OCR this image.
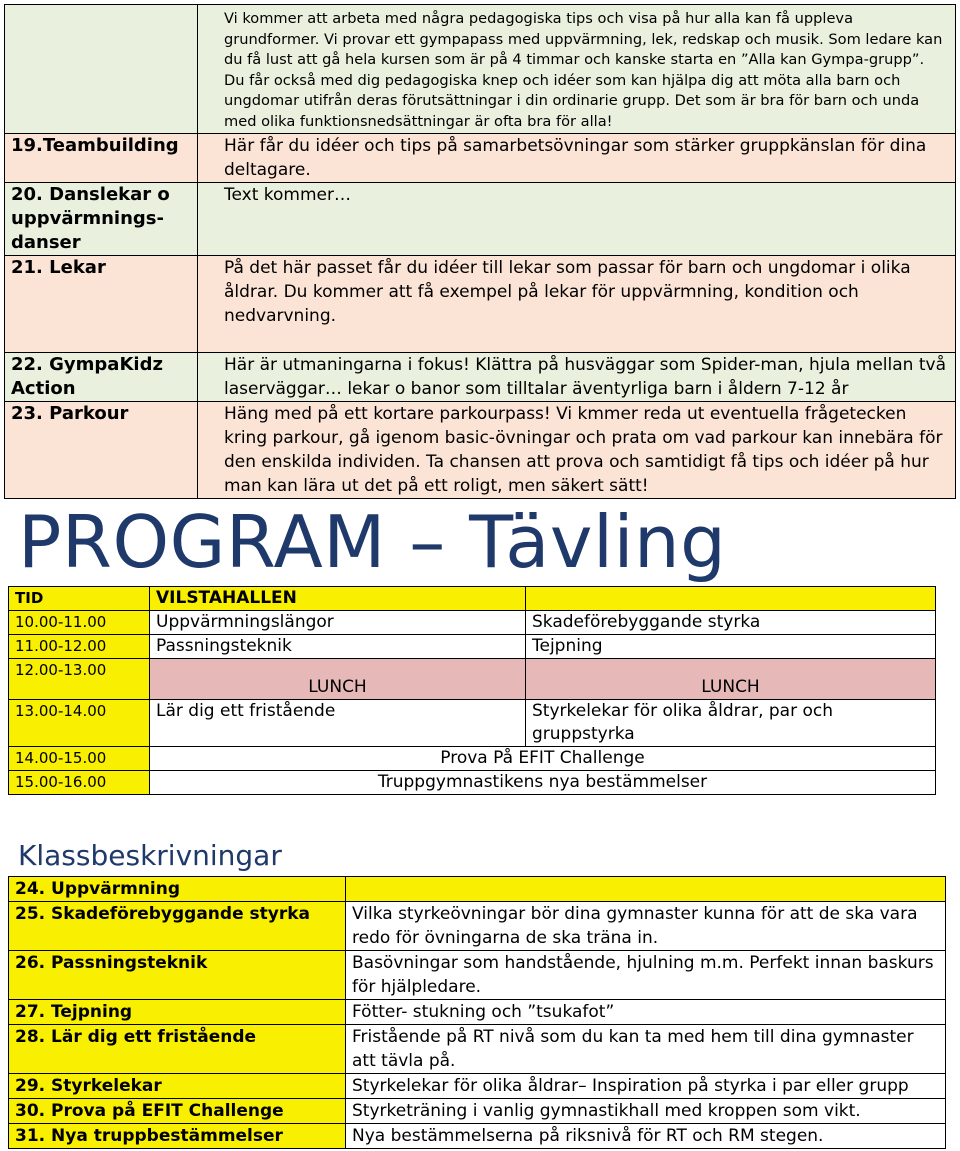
	Vi kommer att arbeta med några pedagogiska tips och visa på hur alla kan få uppleva grundformer. Vi provar ett gympapass med uppvärmning, lek, redskap och musik. Som ledare kan du få lust att gå hela kursen som är på 4 timmar och kanske starta en ”Alla kan Gympa-grupp”. Du får också med dig pedagogiska knep och idéer som kan hjälpa dig att möta alla barn och ungdomar utifrån deras förutsättningar i din ordinarie grupp. Det som är bra för barn och unda med olika funktionsnedsättningar är ofta bra för alla!
19.Teambuilding	Här får du idéer och tips på samarbetsövningar som stärker gruppkänslan för dina deltagare.

20. Danslekar o
uppvärmnings-
danser	Text kommer…
21. Lekar	På det här passet får du idéer till lekar som passar för barn och ungdomar i olika åldrar. Du kommer att få exempel på lekar för uppvärmning, kondition och nedvarvning.

22. GympaKidz
Action	Här är utmaningarna i fokus! Klättra på husväggar som Spider-man, hjula mellan två laserväggar… lekar o banor som tilltalar äventyrliga barn i åldern 7-12 år
23. Parkour	Häng med på ett kortare parkourpass! Vi kmmer reda ut eventuella frågetecken kring parkour, gå igenom basic-övningar och prata om vad parkour kan innebära för den enskilda individen. Ta chansen att prova och samtidigt få tips och idéer på hur man kan lära ut det på ett roligt, men säkert sätt!
PROGRAM – Tävling
TID	VILSTAHALLEN	
10.00-11.00	Uppvärmningslängor	Skadeförebyggande styrka
11.00-12.00	Passningsteknik	Tejpning
12.00-13.00	LUNCH	LUNCH
13.00-14.00	Lär dig ett fristående	Styrkelekar för olika åldrar, par och gruppstyrka
14.00-15.00	Prova På EFIT Challenge	
15.00-16.00	Truppgymnastikens nya bestämmelser	
Klassbeskrivningar
24. Uppvärmning	
25. Skadeförebyggande styrka	Vilka styrkeövningar bör dina gymnaster kunna för att de ska vara redo för övningarna de ska träna in.
26. Passningsteknik	Basövningar som handstående, hjulning m.m. Perfekt innan baskurs för hjälpledare.
27. Tejpning	Fötter- stukning och ”tsukafot”
28. Lär dig ett fristående	Fristående på RT nivå som du kan ta med hem till dina gymnaster att tävla på.
29. Styrkelekar	Styrkelekar för olika åldrar– Inspiration på styrka i par eller grupp
30. Prova på EFIT Challenge	Styrketräning i vanlig gymnastikhall med kroppen som vikt.
31. Nya truppbestämmelser	Nya bestämmelserna på riksnivå för RT och RM stegen.
